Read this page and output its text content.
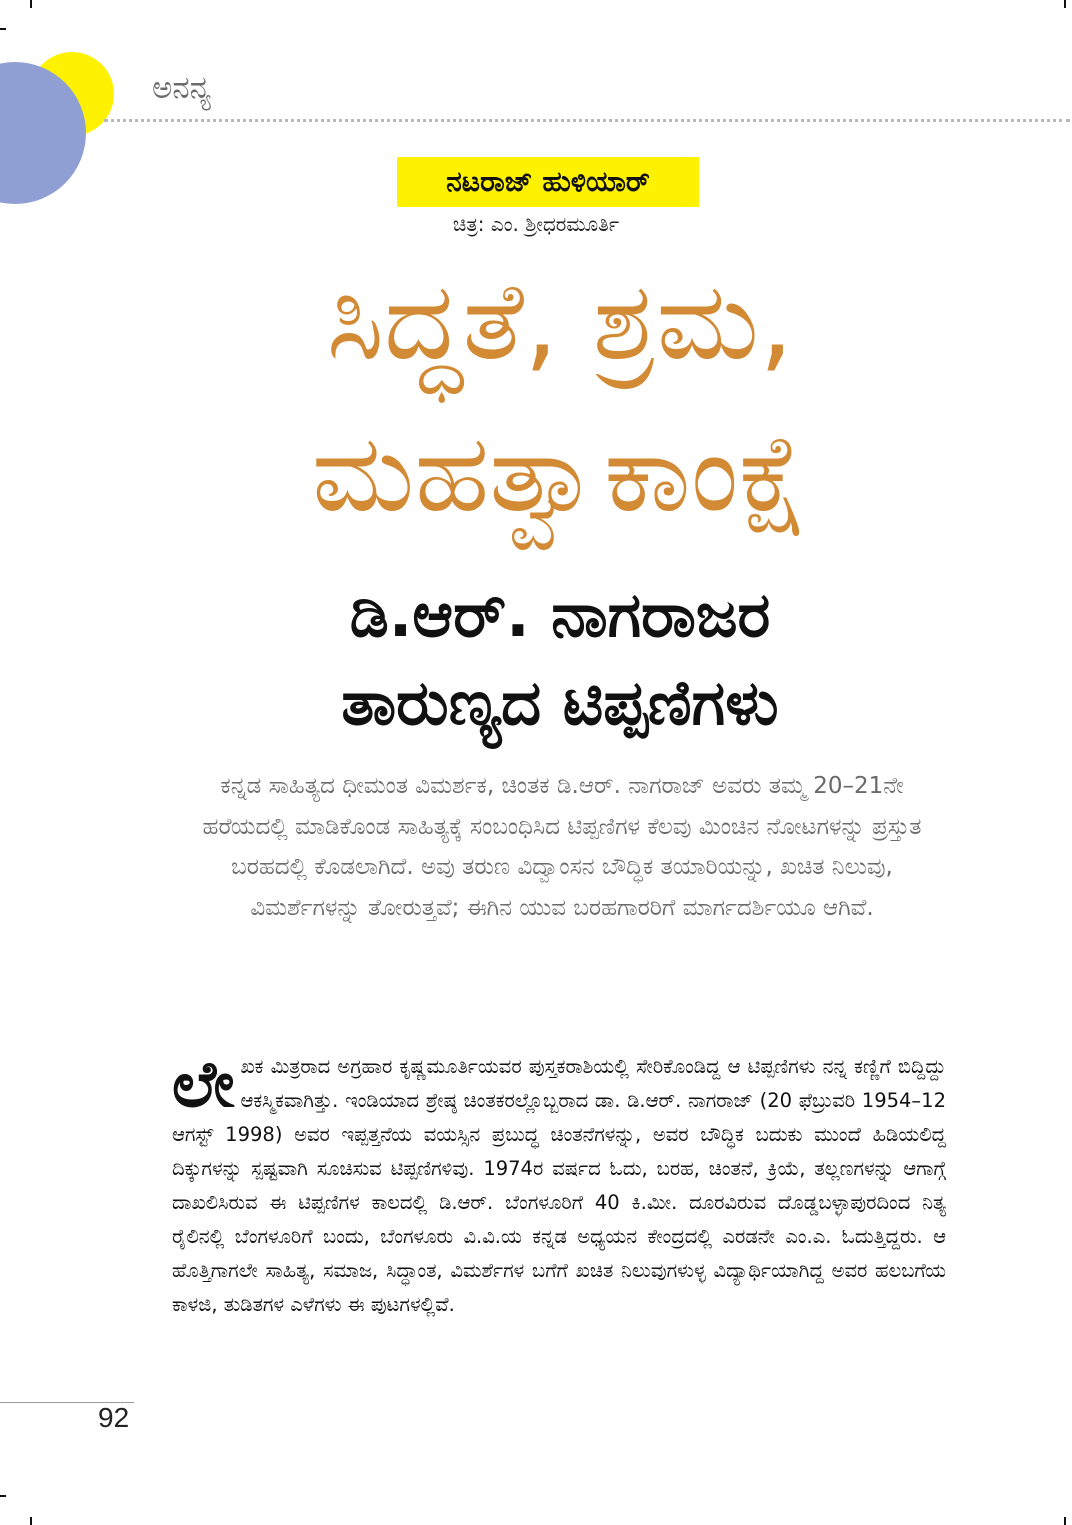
ಅನನ್ಯ
ನಟರಾಜ್ ಹುಳಿಯಾರ್
ಚಿತ್ರ: ಎಂ. ಶ್ರೀಧರಮೂರ್ತಿ
ಸಿದ್ಧತೆ, ಶ್ರಮ,
ಮಹತ್ವಾಕಾಂಕ್ಷೆ
ಡಿ.ಆರ್. ನಾಗರಾಜರ
ತಾರುಣ್ಯದ ಟಿಪ್ಪಣಿಗಳು
ಕನ್ನಡ ಸಾಹಿತ್ಯದ ಧೀಮಂತ ವಿಮರ್ಶಕ, ಚಿಂತಕ ಡಿ.ಆರ್. ನಾಗರಾಜ್ ಅವರು ತಮ್ಮ 20–21ನೇ ಹರೆಯದಲ್ಲಿ ಮಾಡಿಕೊಂಡ ಸಾಹಿತ್ಯಕ್ಕೆ ಸಂಬಂಧಿಸಿದ ಟಿಪ್ಪಣಿಗಳ ಕೆಲವು ಮಿಂಚಿನ ನೋಟಗಳನ್ನು ಪ್ರಸ್ತುತ ಬರಹದಲ್ಲಿ ಕೊಡಲಾಗಿದೆ. ಅವು ತರುಣ ವಿದ್ವಾಂಸನ ಬೌದ್ಧಿಕ ತಯಾರಿಯನ್ನು, ಖಚಿತ ನಿಲುವು, ವಿಮರ್ಶೆಗಳನ್ನು ತೋರುತ್ತವೆ; ಈಗಿನ ಯುವ ಬರಹಗಾರರಿಗೆ ಮಾರ್ಗದರ್ಶಿಯೂ ಆಗಿವೆ.
ಲೇ ಖಕ ಮಿತ್ರರಾದ ಅಗ್ರಹಾರ ಕೃಷ್ಣಮೂರ್ತಿಯವರ ಪುಸ್ತಕರಾಶಿಯಲ್ಲಿ ಸೇರಿಕೊಂಡಿದ್ದ ಆ ಟಿಪ್ಪಣಿಗಳು ನನ್ನ ಕಣ್ಣಿಗೆ ಬಿದ್ದಿದ್ದು ಆಕಸ್ಮಿಕವಾಗಿತ್ತು. ಇಂಡಿಯಾದ ಶ್ರೇಷ್ಠ ಚಿಂತಕರಲ್ಲೊಬ್ಬರಾದ ಡಾ. ಡಿ.ಆರ್. ನಾಗರಾಜ್ (20 ಫೆಬ್ರುವರಿ 1954–12 ಆಗಸ್ಟ್ 1998) ಅವರ ಇಪ್ಪತ್ತನೆಯ ವಯಸ್ಸಿನ ಪ್ರಬುದ್ಧ ಚಿಂತನೆಗಳನ್ನು, ಅವರ ಬೌದ್ಧಿಕ ಬದುಕು ಮುಂದೆ ಹಿಡಿಯಲಿದ್ದ ದಿಕ್ಕುಗಳನ್ನು ಸ್ಪಷ್ಟವಾಗಿ ಸೂಚಿಸುವ ಟಿಪ್ಪಣಿಗಳಿವು. 1974ರ ವರ್ಷದ ಓದು, ಬರಹ, ಚಿಂತನೆ, ಕ್ರಿಯೆ, ತಲ್ಲಣಗಳನ್ನು ಆಗಾಗ್ಗೆ ದಾಖಲಿಸಿರುವ ಈ ಟಿಪ್ಪಣಿಗಳ ಕಾಲದಲ್ಲಿ ಡಿ.ಆರ್. ಬೆಂಗಳೂರಿಗೆ 40 ಕಿ.ಮೀ. ದೂರವಿರುವ ದೊಡ್ಡಬಳ್ಳಾಪುರದಿಂದ ನಿತ್ಯ ರೈಲಿನಲ್ಲಿ ಬೆಂಗಳೂರಿಗೆ ಬಂದು, ಬೆಂಗಳೂರು ವಿ.ವಿ.ಯ ಕನ್ನಡ ಅಧ್ಯಯನ ಕೇಂದ್ರದಲ್ಲಿ ಎರಡನೇ ಎಂ.ಎ. ಓದುತ್ತಿದ್ದರು. ಆ ಹೊತ್ತಿಗಾಗಲೇ ಸಾಹಿತ್ಯ, ಸಮಾಜ, ಸಿದ್ಧಾಂತ, ವಿಮರ್ಶೆಗಳ ಬಗೆಗೆ ಖಚಿತ ನಿಲುವುಗಳುಳ್ಳ ವಿದ್ಯಾರ್ಥಿಯಾಗಿದ್ದ ಅವರ ಹಲಬಗೆಯ ಕಾಳಜಿ, ತುಡಿತಗಳ ಎಳೆಗಳು ಈ ಪುಟಗಳಲ್ಲಿವೆ.
92
